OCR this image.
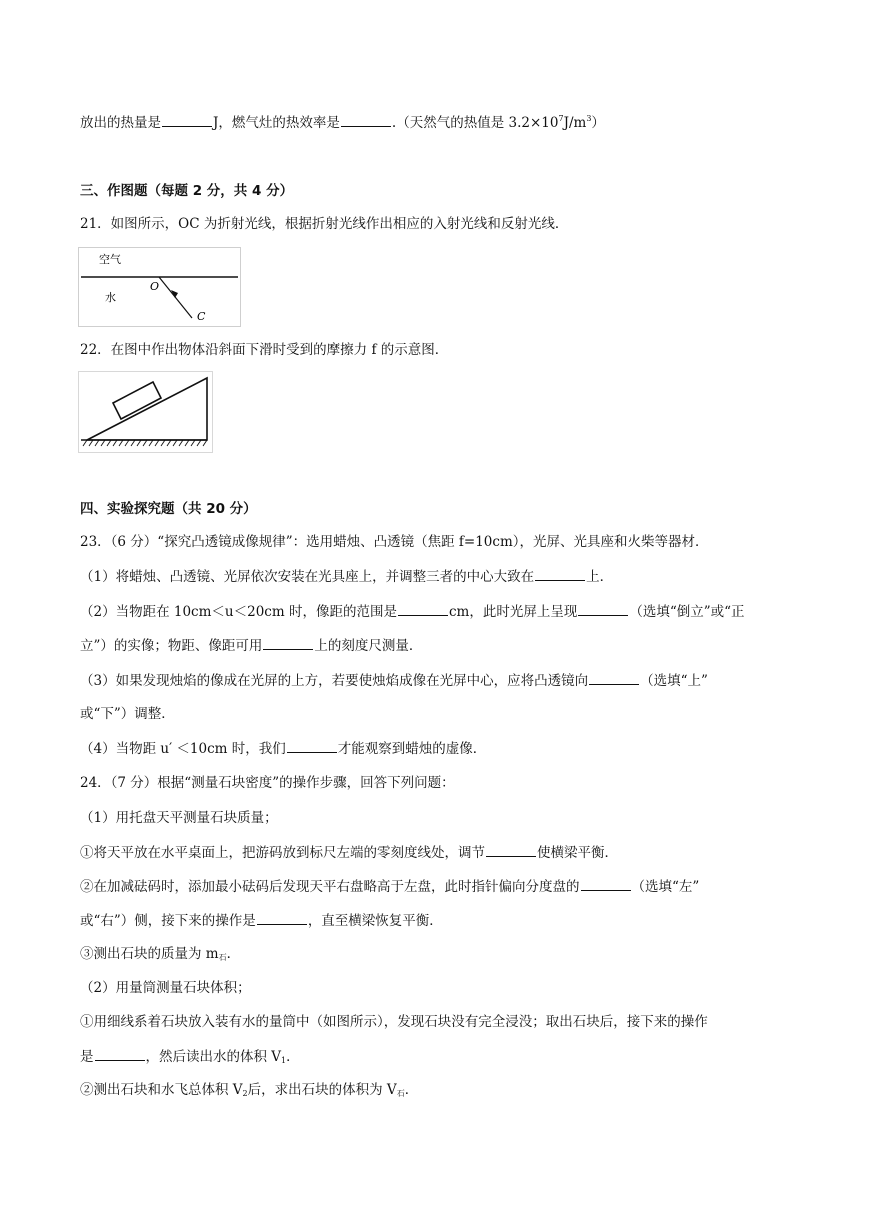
放出的热量是	J，燃气灶的热效率是	.（天然气的热值是 $3.2\times 10^7J/m^3$）
三、作图题（每题 2 分，共 4 分）
21．如图所示，OC 为折射光线，根据折射光线作出相应的入射光线和反射光线．
空气
水
O
C
22．在图中作出物体沿斜面下滑时受到的摩擦力 f 的示意图．
四、实验探究题（共 20 分）
23．（6 分）“探究凸透镜成像规律”：选用蜡烛、凸透镜（焦距 f=10cm），光屏、光具座和火柴等器材．
（1）将蜡烛、凸透镜、光屏依次安装在光具座上，并调整三者的中心大致在	上．
（2）当物距在 10cm＜u＜20cm 时，像距的范围是	cm，此时光屏上呈现	（选填“倒立”或“正
立”）的实像；物距、像距可用	上的刻度尺测量．
（3）如果发现烛焰的像成在光屏的上方，若要使烛焰成像在光屏中心，应将凸透镜向	（选填“上”
或“下”）调整．
（4）当物距 u′ ＜10cm 时，我们	才能观察到蜡烛的虚像．
24．（7 分）根据“测量石块密度”的操作步骤，回答下列问题：
（1）用托盘天平测量石块质量；
①将天平放在水平桌面上，把游码放到标尺左端的零刻度线处，调节	使横梁平衡．
②在加减砝码时，添加最小砝码后发现天平右盘略高于左盘，此时指针偏向分度盘的	（选填“左”
或“右”）侧，接下来的操作是	，直至横梁恢复平衡．
③测出石块的质量为 $m_石$．
（2）用量筒测量石块体积；
①用细线系着石块放入装有水的量筒中（如图所示），发现石块没有完全浸没；取出石块后，接下来的操作
是	，然后读出水的体积 $V_1$．
②测出石块和水飞总体积 $V_2$后，求出石块的体积为 $V_石$．
